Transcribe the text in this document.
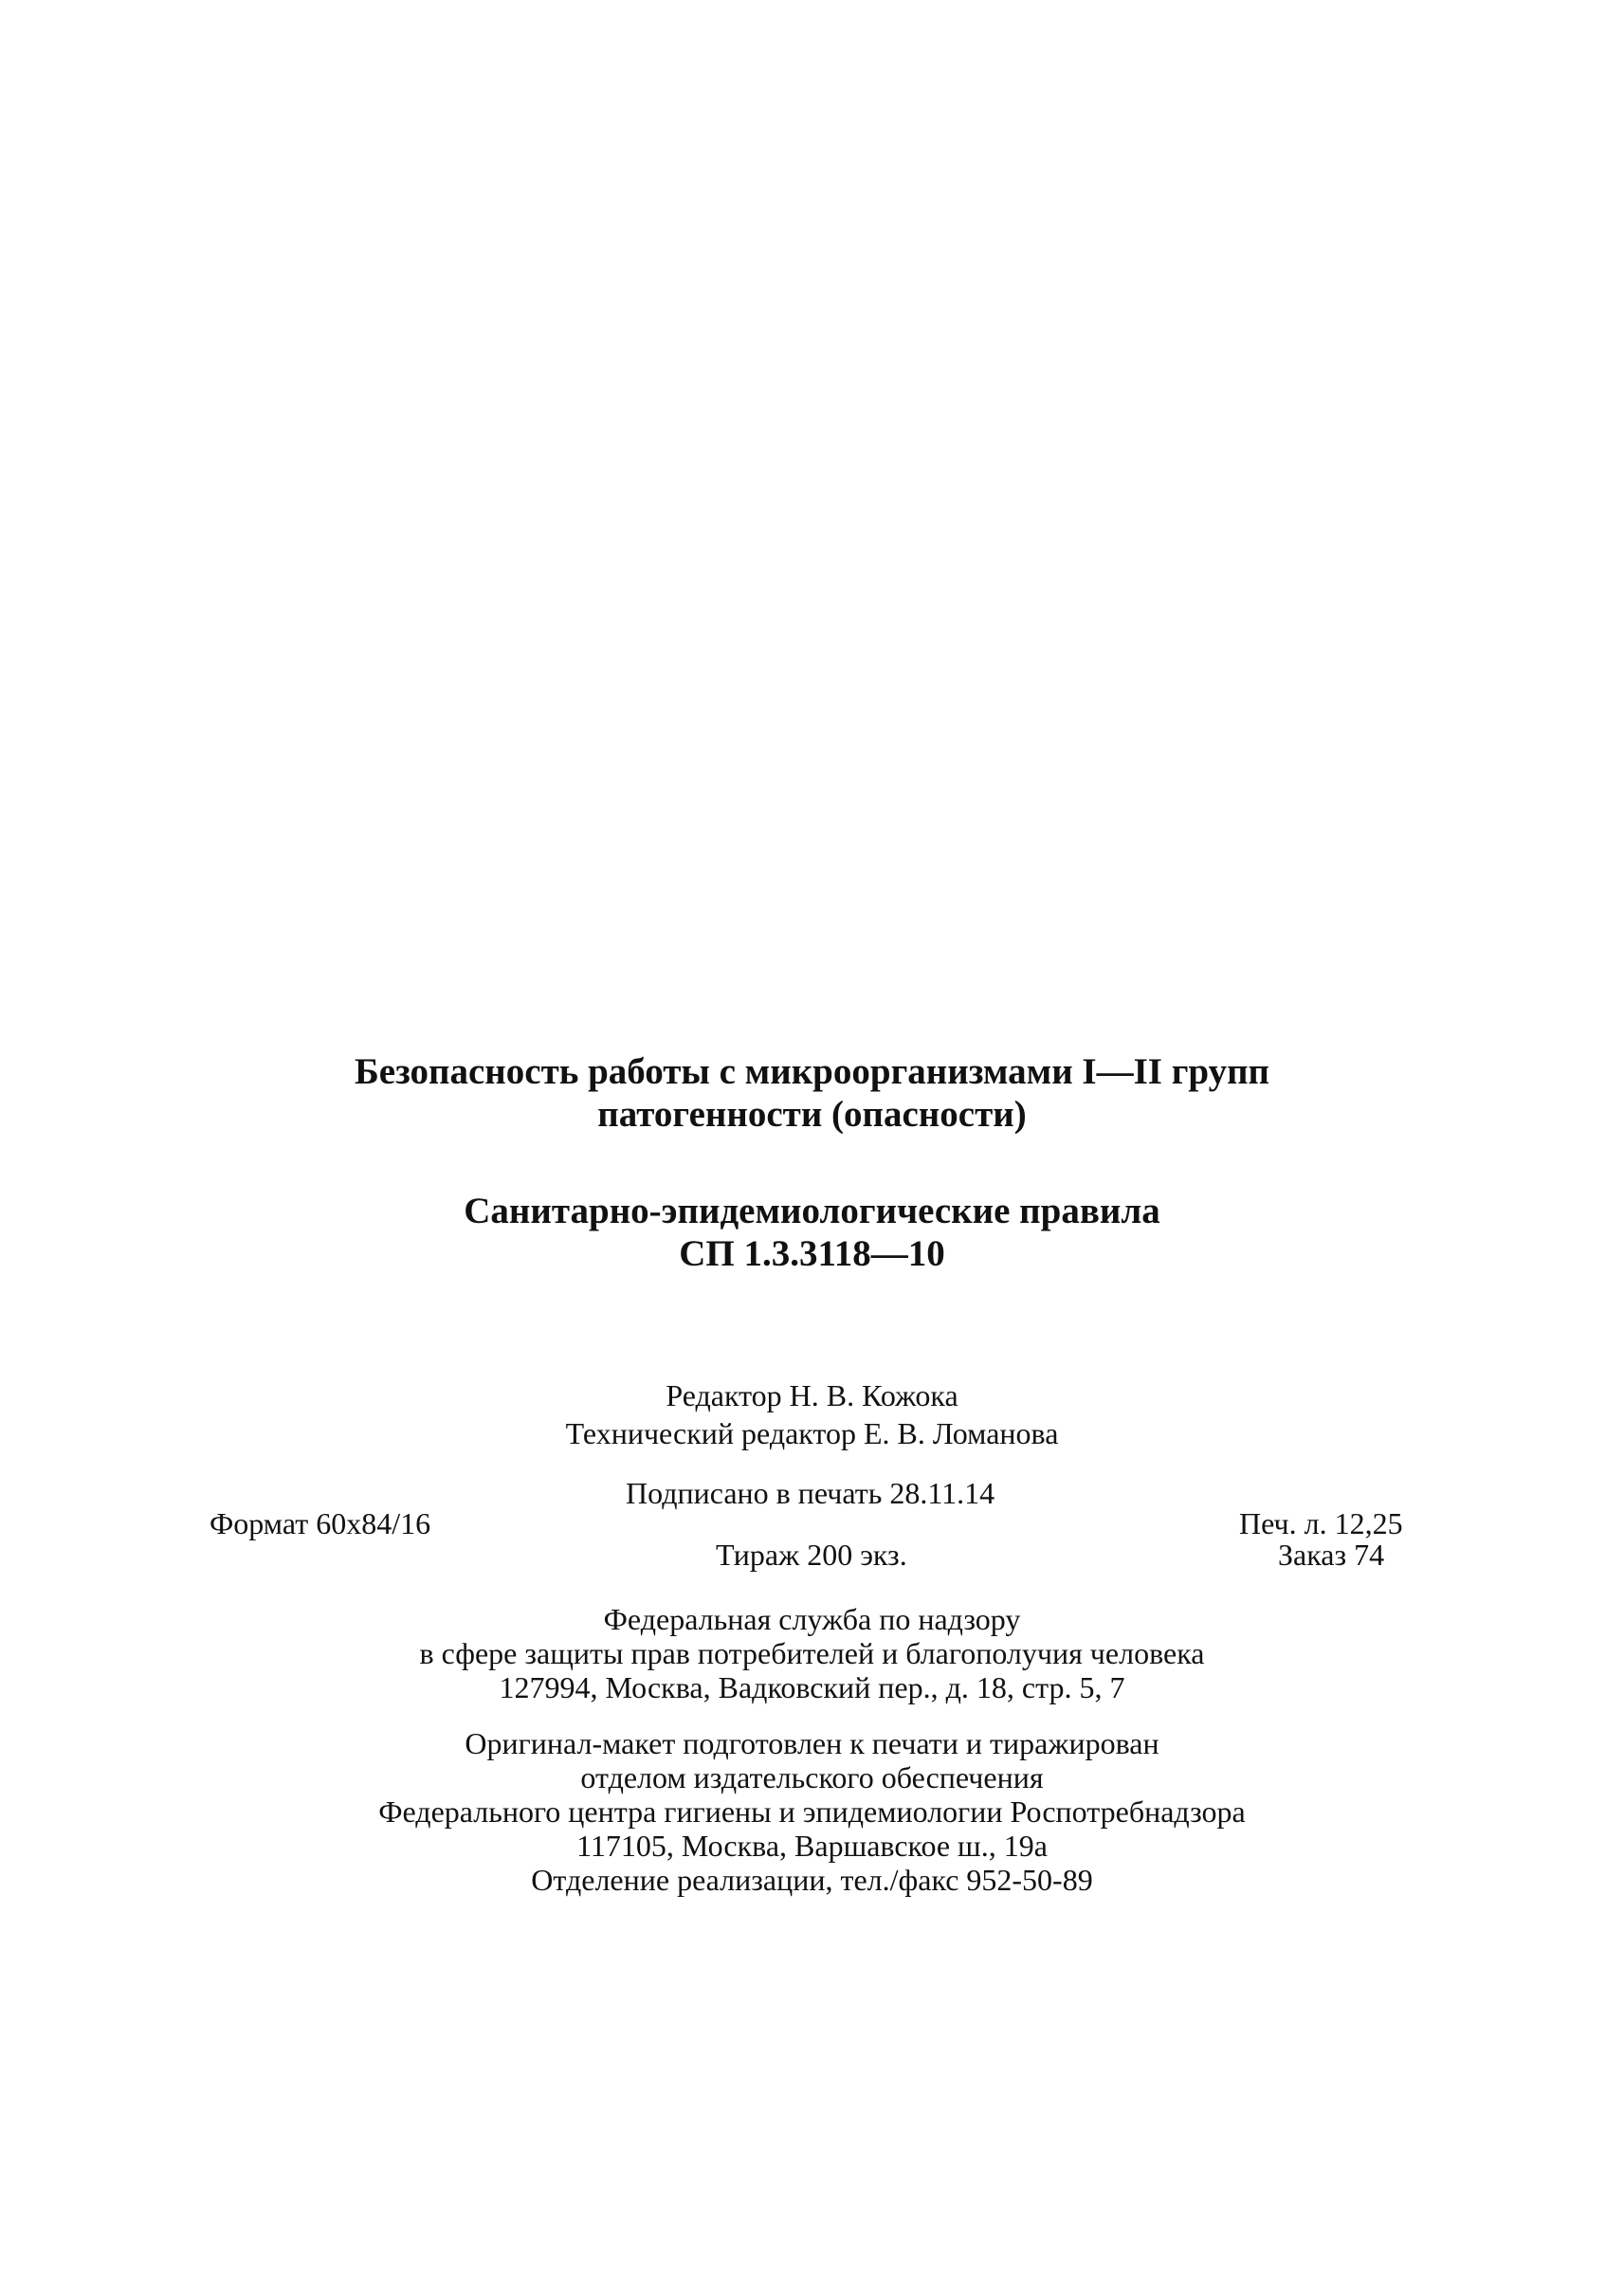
Безопасность работы с микроорганизмами I—II групп
патогенности (опасности)
Санитарно-эпидемиологические правила
СП 1.3.3118—10
Редактор Н. В. Кожока
Технический редактор Е. В. Ломанова
Подписано в печать 28.11.14
Формат 60x84/16	Печ. л. 12,25
Тираж 200 экз.	Заказ 74
Федеральная служба по надзору
в сфере защиты прав потребителей и благополучия человека
127994, Москва, Вадковский пер., д. 18, стр. 5, 7
Оригинал-макет подготовлен к печати и тиражирован
отделом издательского обеспечения
Федерального центра гигиены и эпидемиологии Роспотребнадзора
117105, Москва, Варшавское ш., 19а
Отделение реализации, тел./факс 952-50-89
